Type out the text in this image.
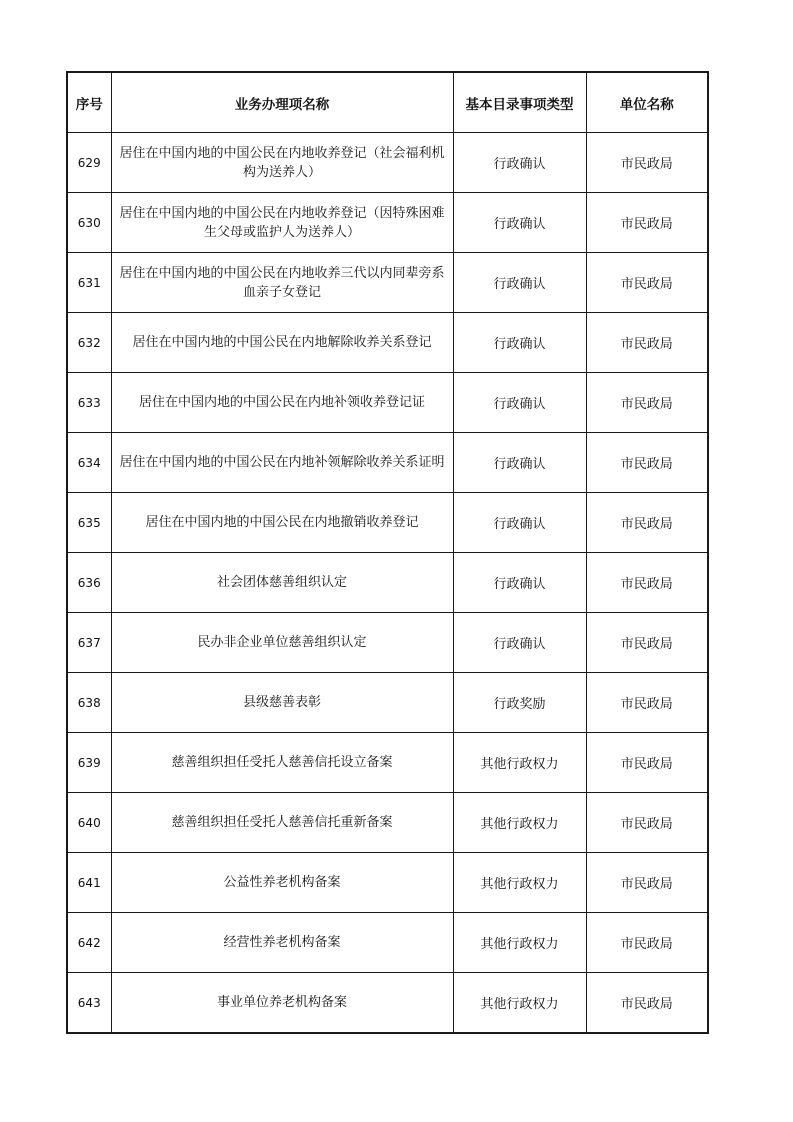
序号	业务办理项名称	基本目录事项类型	单位名称
629	居住在中国内地的中国公民在内地收养登记（社会福利机构为送养人）	行政确认	市民政局
630	居住在中国内地的中国公民在内地收养登记（因特殊困难生父母或监护人为送养人）	行政确认	市民政局
631	居住在中国内地的中国公民在内地收养三代以内同辈旁系血亲子女登记	行政确认	市民政局
632	居住在中国内地的中国公民在内地解除收养关系登记	行政确认	市民政局
633	居住在中国内地的中国公民在内地补领收养登记证	行政确认	市民政局
634	居住在中国内地的中国公民在内地补领解除收养关系证明	行政确认	市民政局
635	居住在中国内地的中国公民在内地撤销收养登记	行政确认	市民政局
636	社会团体慈善组织认定	行政确认	市民政局
637	民办非企业单位慈善组织认定	行政确认	市民政局
638	县级慈善表彰	行政奖励	市民政局
639	慈善组织担任受托人慈善信托设立备案	其他行政权力	市民政局
640	慈善组织担任受托人慈善信托重新备案	其他行政权力	市民政局
641	公益性养老机构备案	其他行政权力	市民政局
642	经营性养老机构备案	其他行政权力	市民政局
643	事业单位养老机构备案	其他行政权力	市民政局
